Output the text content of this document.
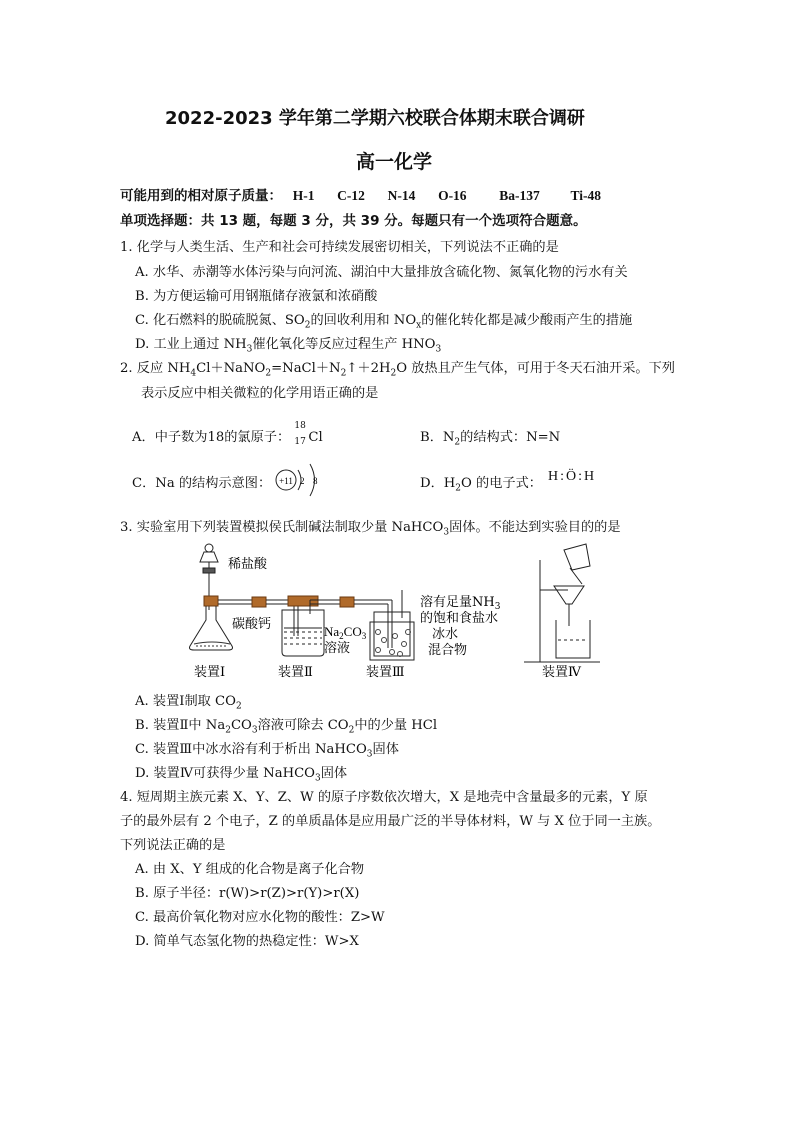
2022-2023 学年第二学期六校联合体期末联合调研
高一化学
可能用到的相对原子质量： H-1 C-12 N-14 O-16 Ba-137 Ti-48
单项选择题：共 13 题，每题 3 分，共 39 分。每题只有一个选项符合题意。
1. 化学与人类生活、生产和社会可持续发展密切相关，下列说法不正确的是
A. 水华、赤潮等水体污染与向河流、湖泊中大量排放含硫化物、氮氧化物的污水有关
B. 为方便运输可用钢瓶储存液氯和浓硝酸
C. 化石燃料的脱硫脱氮、$SO_2$的回收利用和 $NO_x$的催化转化都是减少酸雨产生的措施
D. 工业上通过 $NH_3$催化氧化等反应过程生产 $HNO_3$
2. 反应 $NH_4Cl+NaNO_2=NaCl+N_2↑+2H_2O$ 放热且产生气体，可用于冬天石油开采。下列
表示反应中相关微粒的化学用语正确的是
A．中子数为18的氯原子：
18
17 Cl	B．$N_2$的结构式：N=N
C．Na 的结构示意图： +11 2 8	D．$H_2O$ 的电子式： H:Ö:H
3. 实验室用下列装置模拟侯氏制碱法制取少量 NaHCO$_3$固体。不能达到实验目的的是
稀盐酸
碳酸钙	$Na_2CO_3$
溶液
溶有足量$NH_3$
的饱和食盐水
冰水
混合物
装置Ⅰ	装置Ⅱ	装置Ⅲ	装置Ⅳ
A. 装置Ⅰ制取 $CO_2$
B. 装置Ⅱ中 $Na_2CO_3$溶液可除去 $CO_2$中的少量 HCl
C. 装置Ⅲ中冰水浴有利于析出 NaHCO$_3$固体
D. 装置Ⅳ可获得少量 NaHCO$_3$固体
4. 短周期主族元素 X、Y、Z、W 的原子序数依次增大，X 是地壳中含量最多的元素，Y 原
子的最外层有 2 个电子，Z 的单质晶体是应用最广泛的半导体材料，W 与 X 位于同一主族。
下列说法正确的是
A. 由 X、Y 组成的化合物是离子化合物
B. 原子半径：r(W)>r(Z)>r(Y)>r(X)
C. 最高价氧化物对应水化物的酸性：Z>W
D. 简单气态氢化物的热稳定性：W>X
